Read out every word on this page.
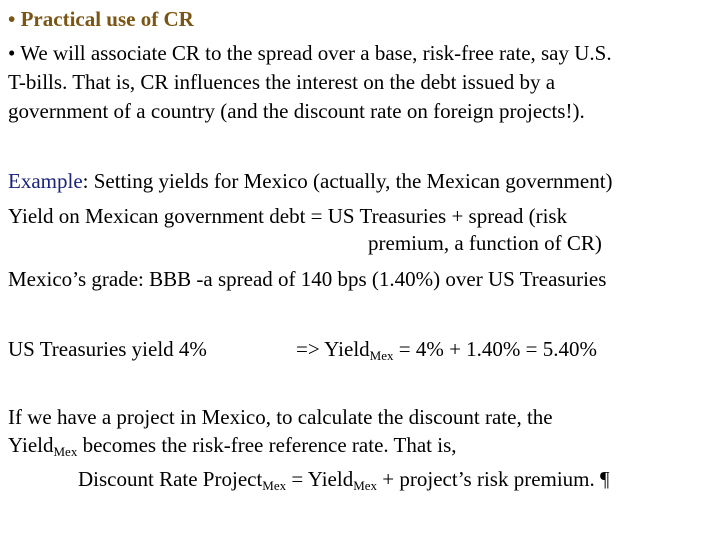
• Practical use of CR
• We will associate CR to the spread over a base, risk-free rate, say U.S.
T-bills. That is, CR influences the interest on the debt issued by a
government of a country (and the discount rate on foreign projects!).
Example: Setting yields for Mexico (actually, the Mexican government)
Yield on Mexican government debt = US Treasuries + spread (risk
premium, a function of CR)
Mexico’s grade: BBB -a spread of 140 bps (1.40%) over US Treasuries
US Treasuries yield 4%	=> Yield$_{Mex}$ = 4% + 1.40% = 5.40%
If we have a project in Mexico, to calculate the discount rate, the
Yield$_{Mex}$ becomes the risk-free reference rate. That is,
Discount Rate Project$_{Mex}$ = Yield$_{Mex}$ + project’s risk premium. ¶
